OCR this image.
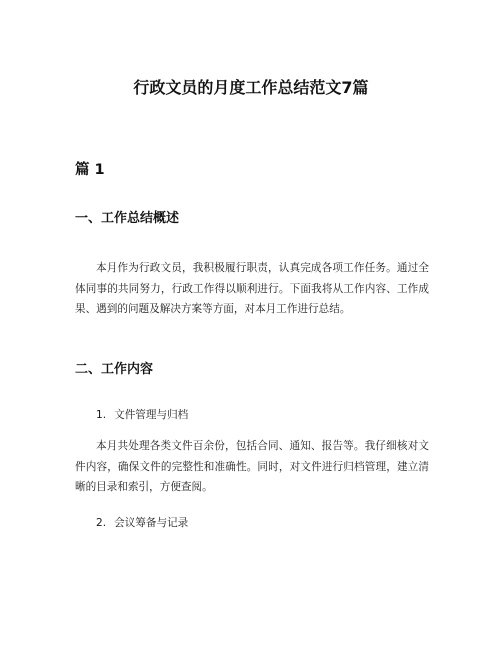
行政文员的月度工作总结范文7篇
篇 1
一、工作总结概述

本月作为行政文员，我积极履行职责，认真完成各项工作任务。通过全体同事的共同努力，行政工作得以顺利进行。下面我将从工作内容、工作成果、遇到的问题及解决方案等方面，对本月工作进行总结。

二、工作内容
1. 文件管理与归档

本月共处理各类文件百余份，包括合同、通知、报告等。我仔细核对文件内容，确保文件的完整性和准确性。同时，对文件进行归档管理，建立清晰的目录和索引，方便查阅。

2. 会议筹备与记录
